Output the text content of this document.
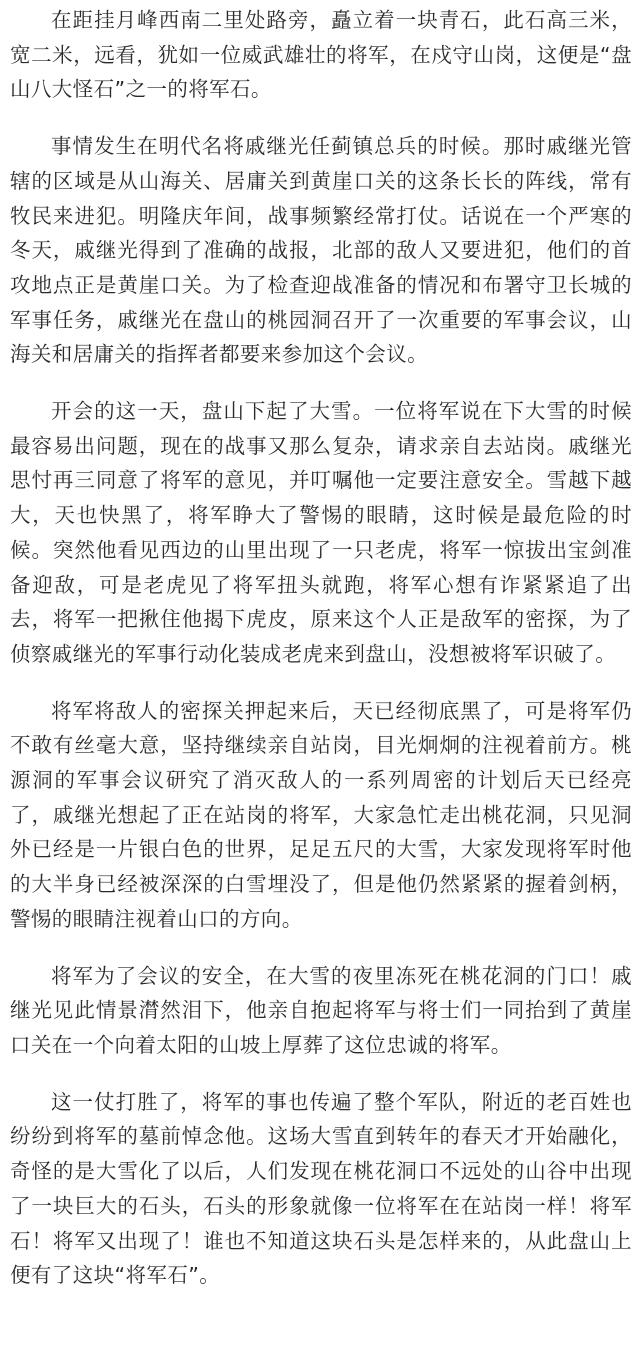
在距挂月峰西南二里处路旁，矗立着一块青石，此石高三米，宽二米，远看，犹如一位威武雄壮的将军，在戍守山岗，这便是“盘山八大怪石”之一的将军石。

事情发生在明代名将戚继光任蓟镇总兵的时候。那时戚继光管辖的区域是从山海关、居庸关到黄崖口关的这条长长的阵线，常有牧民来进犯。明隆庆年间，战事频繁经常打仗。话说在一个严寒的冬天，戚继光得到了准确的战报，北部的敌人又要进犯，他们的首攻地点正是黄崖口关。为了检查迎战准备的情况和布署守卫长城的军事任务，戚继光在盘山的桃园洞召开了一次重要的军事会议，山海关和居庸关的指挥者都要来参加这个会议。

开会的这一天，盘山下起了大雪。一位将军说在下大雪的时候最容易出问题，现在的战事又那么复杂，请求亲自去站岗。戚继光思忖再三同意了将军的意见，并叮嘱他一定要注意安全。雪越下越大，天也快黑了，将军睁大了警惕的眼睛，这时候是最危险的时候。突然他看见西边的山里出现了一只老虎，将军一惊拔出宝剑准备迎敌，可是老虎见了将军扭头就跑，将军心想有诈紧紧追了出去，将军一把揪住他揭下虎皮，原来这个人正是敌军的密探，为了侦察戚继光的军事行动化装成老虎来到盘山，没想被将军识破了。

将军将敌人的密探关押起来后，天已经彻底黑了，可是将军仍不敢有丝毫大意，坚持继续亲自站岗，目光炯炯的注视着前方。桃源洞的军事会议研究了消灭敌人的一系列周密的计划后天已经亮了，戚继光想起了正在站岗的将军，大家急忙走出桃花洞，只见洞外已经是一片银白色的世界，足足五尺的大雪，大家发现将军时他的大半身已经被深深的白雪埋没了，但是他仍然紧紧的握着剑柄，警惕的眼睛注视着山口的方向。

将军为了会议的安全，在大雪的夜里冻死在桃花洞的门口！戚继光见此情景潸然泪下，他亲自抱起将军与将士们一同抬到了黄崖口关在一个向着太阳的山坡上厚葬了这位忠诚的将军。

这一仗打胜了，将军的事也传遍了整个军队，附近的老百姓也纷纷到将军的墓前悼念他。这场大雪直到转年的春天才开始融化，奇怪的是大雪化了以后，人们发现在桃花洞口不远处的山谷中出现了一块巨大的石头，石头的形象就像一位将军在在站岗一样！将军石！将军又出现了！谁也不知道这块石头是怎样来的，从此盘山上便有了这块“将军石”。
